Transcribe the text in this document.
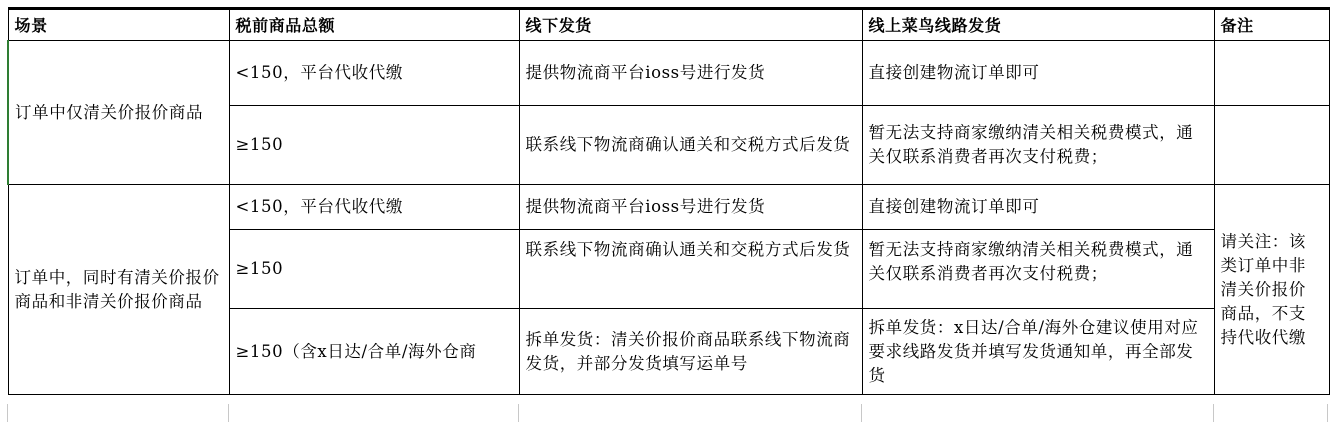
场景	税前商品总额	线下发货	线上菜鸟线路发货	备注
订单中仅清关价报价商品	<150，平台代收代缴	提供物流商平台ioss号进行发货	直接创建物流订单即可	
	≥150	联系线下物流商确认通关和交税方式后发货	暂无法支持商家缴纳清关相关税费模式，通关仅联系消费者再次支付税费；	
订单中，同时有清关价报价商品和非清关价报价商品	<150，平台代收代缴	提供物流商平台ioss号进行发货	直接创建物流订单即可	请关注：该类订单中非清关价报价商品，不支持代收代缴
	≥150	联系线下物流商确认通关和交税方式后发货	暂无法支持商家缴纳清关相关税费模式，通关仅联系消费者再次支付税费；	
	≥150（含x日达/合单/海外仓商	拆单发货：清关价报价商品联系线下物流商发货，并部分发货填写运单号	拆单发货：x日达/合单/海外仓建议使用对应要求线路发货并填写发货通知单，再全部发货	
